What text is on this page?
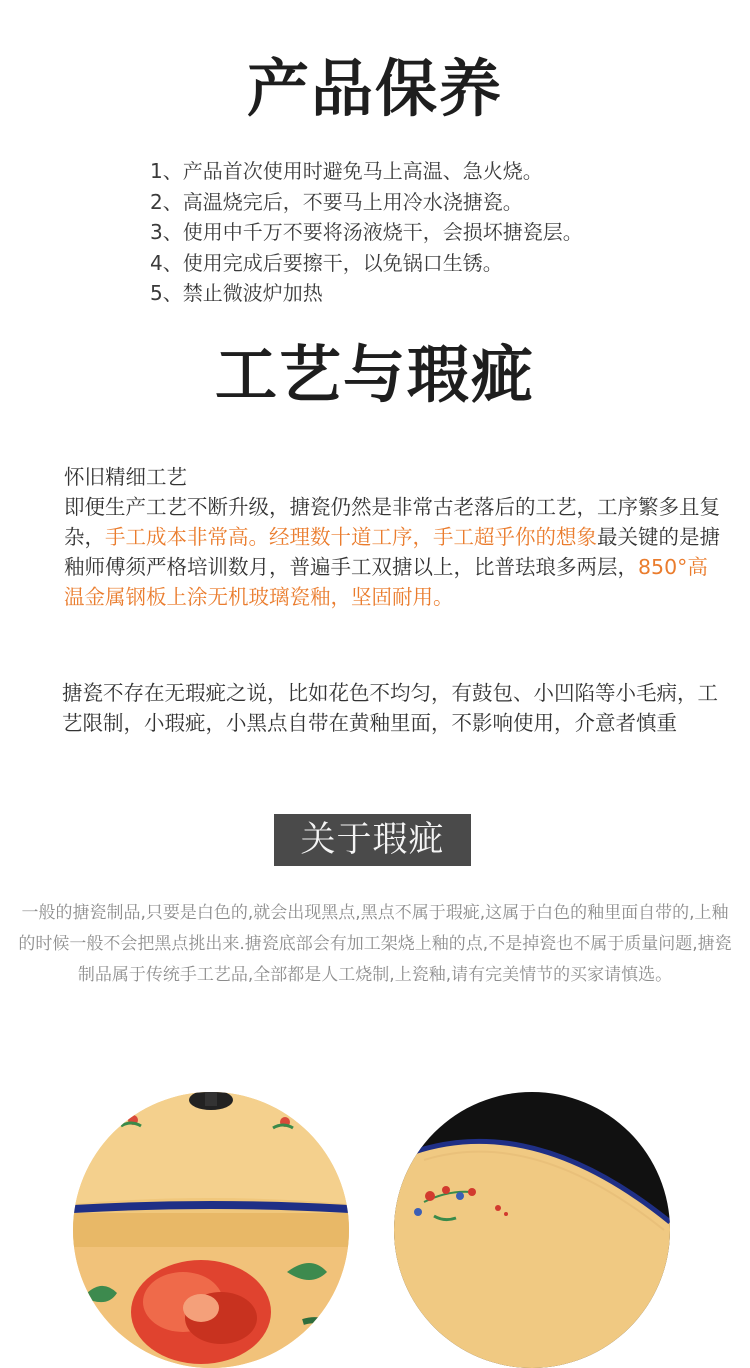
产品保养
1、产品首次使用时避免马上高温、急火烧。
2、高温烧完后，不要马上用冷水浇搪瓷。
3、使用中千万不要将汤液烧干，会损坏搪瓷层。
4、使用完成后要擦干，以免锅口生锈。
5、禁止微波炉加热
工艺与瑕疵
怀旧精细工艺
即便生产工艺不断升级，搪瓷仍然是非常古老落后的工艺，工序繁多且复杂，手工成本非常高。经理数十道工序，手工超乎你的想象最关键的是搪釉师傅须严格培训数月，普遍手工双搪以上，比普珐琅多两层，850°高温金属钢板上涂无机玻璃瓷釉，坚固耐用。
搪瓷不存在无瑕疵之说，比如花色不均匀，有鼓包、小凹陷等小毛病，工艺限制，小瑕疵，小黑点自带在黄釉里面，不影响使用，介意者慎重
关于瑕疵
一般的搪瓷制品,只要是白色的,就会出现黑点,黑点不属于瑕疵,这属于白色的釉里面自带的,上釉的时候一般不会把黑点挑出来.搪瓷底部会有加工架烧上釉的点,不是掉瓷也不属于质量问题,搪瓷制品属于传统手工艺品,全部都是人工烧制,上瓷釉,请有完美情节的买家请慎选。
